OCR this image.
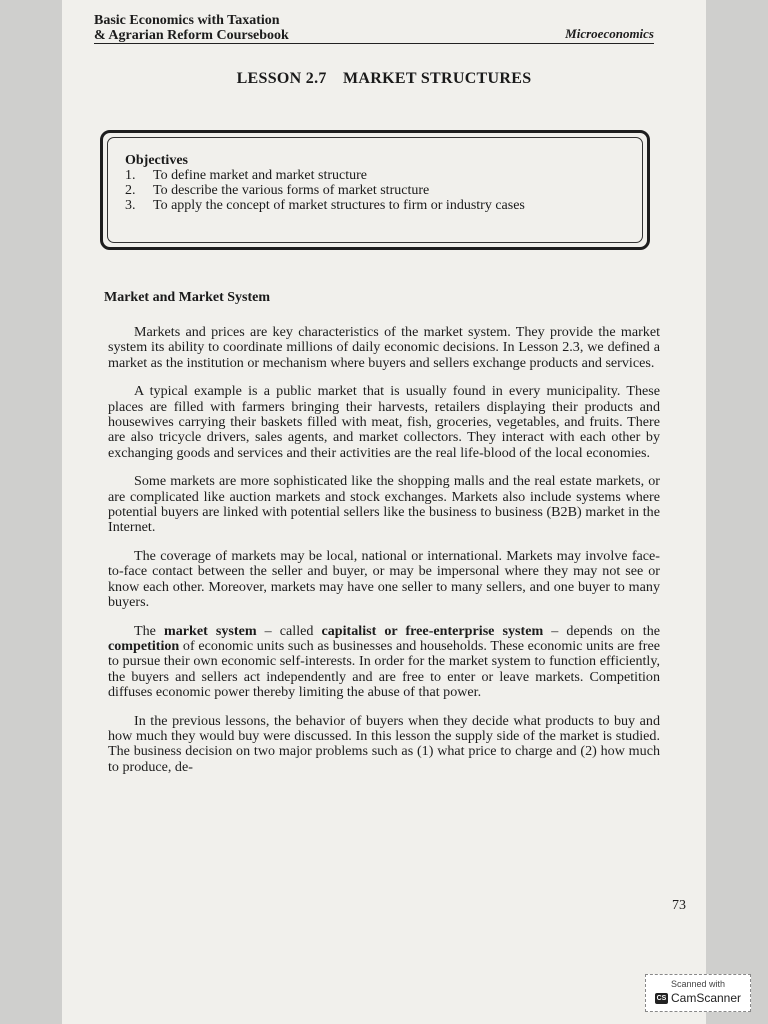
Basic Economics with Taxation
& Agrarian Reform Coursebook	Microeconomics
LESSON 2.7 MARKET STRUCTURES
Objectives
1.	To define market and market structure
2.	To describe the various forms of market structure
3.	To apply the concept of market structures to firm or industry cases
Market and Market System

Markets and prices are key characteristics of the market system. They provide the market system its ability to coordinate millions of daily economic decisions. In Lesson 2.3, we defined a market as the institution or mechanism where buyers and sellers exchange products and services.

A typical example is a public market that is usually found in every municipality. These places are filled with farmers bringing their harvests, retailers displaying their products and housewives carrying their baskets filled with meat, fish, groceries, vegetables, and fruits. There are also tricycle drivers, sales agents, and market collectors. They interact with each other by exchanging goods and services and their activities are the real life-blood of the local economies.

Some markets are more sophisticated like the shopping malls and the real estate markets, or are complicated like auction markets and stock exchanges. Markets also include systems where potential buyers are linked with potential sellers like the business to business (B2B) market in the Internet.

The coverage of markets may be local, national or international. Markets may involve face-to-face contact between the seller and buyer, or may be impersonal where they may not see or know each other. Moreover, markets may have one seller to many sellers, and one buyer to many buyers.

The market system – called capitalist or free-enterprise system – depends on the competition of economic units such as businesses and households. These economic units are free to pursue their own economic self-interests. In order for the market system to function efficiently, the buyers and sellers act independently and are free to enter or leave markets. Competition diffuses economic power thereby limiting the abuse of that power.

In the previous lessons, the behavior of buyers when they decide what products to buy and how much they would buy were discussed. In this lesson the supply side of the market is studied. The business decision on two major problems such as (1) what price to charge and (2) how much to produce, de-

73
Scanned with
CS CamScanner
